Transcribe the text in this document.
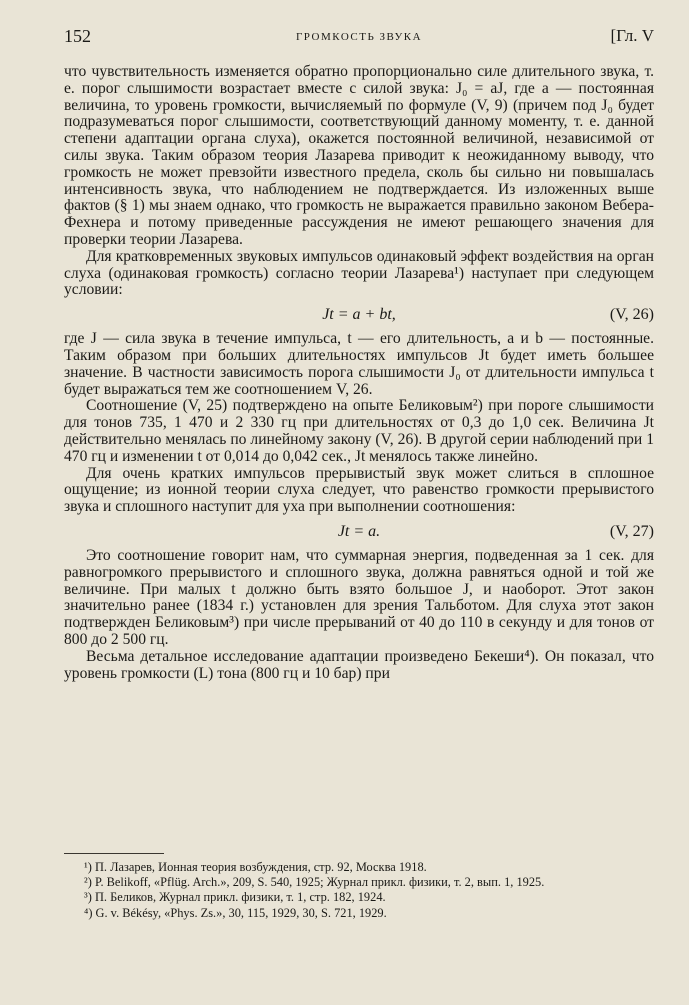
152	ГРОМКОСТЬ ЗВУКА	[Гл. V

что чувствительность изменяется обратно пропорционально силе длительного звука, т. е. порог слышимости возрастает вместе с силой звука: J₀ = aJ, где a — постоянная величина, то уровень громкости, вычисляемый по формуле (V, 9) (причем под J₀ будет подразумеваться порог слышимости, соответствующий данному моменту, т. е. данной степени адаптации органа слуха), окажется постоянной величиной, независимой от силы звука. Таким образом теория Лазарева приводит к неожиданному выводу, что громкость не может превзойти известного предела, сколь бы сильно ни повышалась интенсивность звука, что наблюдением не подтверждается. Из изложенных выше фактов (§ 1) мы знаем однако, что громкость не выражается правильно законом Вебера-Фехнера и потому приведенные рассуждения не имеют решающего значения для проверки теории Лазарева.

Для кратковременных звуковых импульсов одинаковый эффект воздействия на орган слуха (одинаковая громкость) согласно теории Лазарева¹) наступает при следующем условии:

Jt = a + bt,	(V, 26)

где J — сила звука в течение импульса, t — его длительность, a и b — постоянные. Таким образом при больших длительностях импульсов Jt будет иметь большее значение. В частности зависимость порога слышимости J₀ от длительности импульса t будет выражаться тем же соотношением V, 26.

Соотношение (V, 25) подтверждено на опыте Беликовым²) при пороге слышимости для тонов 735, 1 470 и 2 330 гц при длительностях от 0,3 до 1,0 сек. Величина Jt действительно менялась по линейному закону (V, 26). В другой серии наблюдений при 1 470 гц и изменении t от 0,014 до 0,042 сек., Jt менялось также линейно.

Для очень кратких импульсов прерывистый звук может слиться в сплошное ощущение; из ионной теории слуха следует, что равенство громкости прерывистого звука и сплошного наступит для уха при выполнении соотношения:

Jt = a.	(V, 27)

Это соотношение говорит нам, что суммарная энергия, подведенная за 1 сек. для равногромкого прерывистого и сплошного звука, должна равняться одной и той же величине. При малых t должно быть взято большое J, и наоборот. Этот закон значительно ранее (1834 г.) установлен для зрения Тальботом. Для слуха этот закон подтвержден Беликовым³) при числе прерываний от 40 до 110 в секунду и для тонов от 800 до 2 500 гц.

Весьма детальное исследование адаптации произведено Бекеши⁴). Он показал, что уровень громкости (L) тона (800 гц и 10 бар) при

¹) П. Лазарев, Ионная теория возбуждения, стр. 92, Москва 1918.

²) P. Belikoff, «Pflüg. Arch.», 209, S. 540, 1925; Журнал прикл. физики, т. 2, вып. 1, 1925.

³) П. Беликов, Журнал прикл. физики, т. 1, стр. 182, 1924.

⁴) G. v. Békésy, «Phys. Zs.», 30, 115, 1929, 30, S. 721, 1929.
